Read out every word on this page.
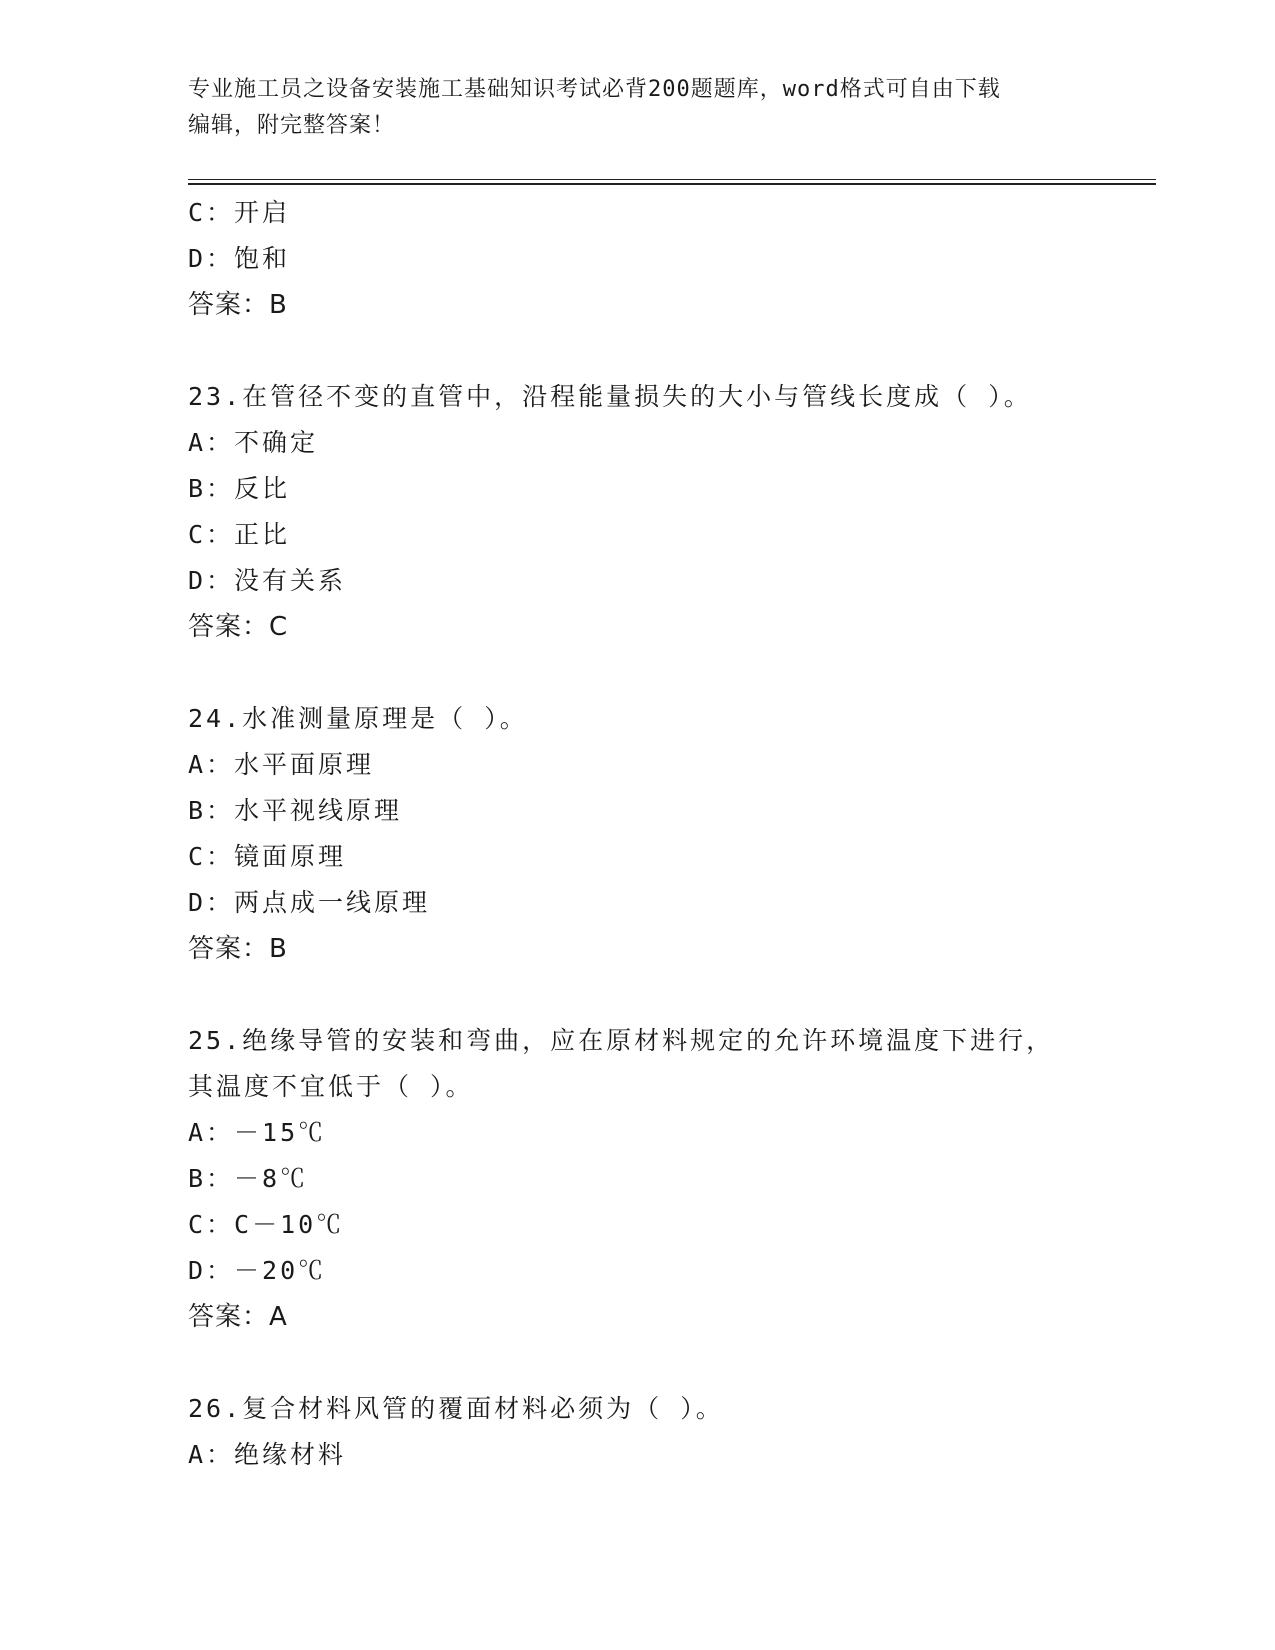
专业施工员之设备安装施工基础知识考试必背200题题库，word格式可自由下载
编辑，附完整答案！
C：开启
D：饱和
答案：B
23.在管径不变的直管中，沿程能量损失的大小与管线长度成（ ）。
A：不确定
B：反比
C：正比
D：没有关系
答案：C
24.水准测量原理是（ ）。
A：水平面原理
B：水平视线原理
C：镜面原理
D：两点成一线原理
答案：B
25.绝缘导管的安装和弯曲，应在原材料规定的允许环境温度下进行，
其温度不宜低于（ ）。
A：－15℃
B：－8℃
C：C－10℃
D：－20℃
答案：A
26.复合材料风管的覆面材料必须为（ ）。
A：绝缘材料
